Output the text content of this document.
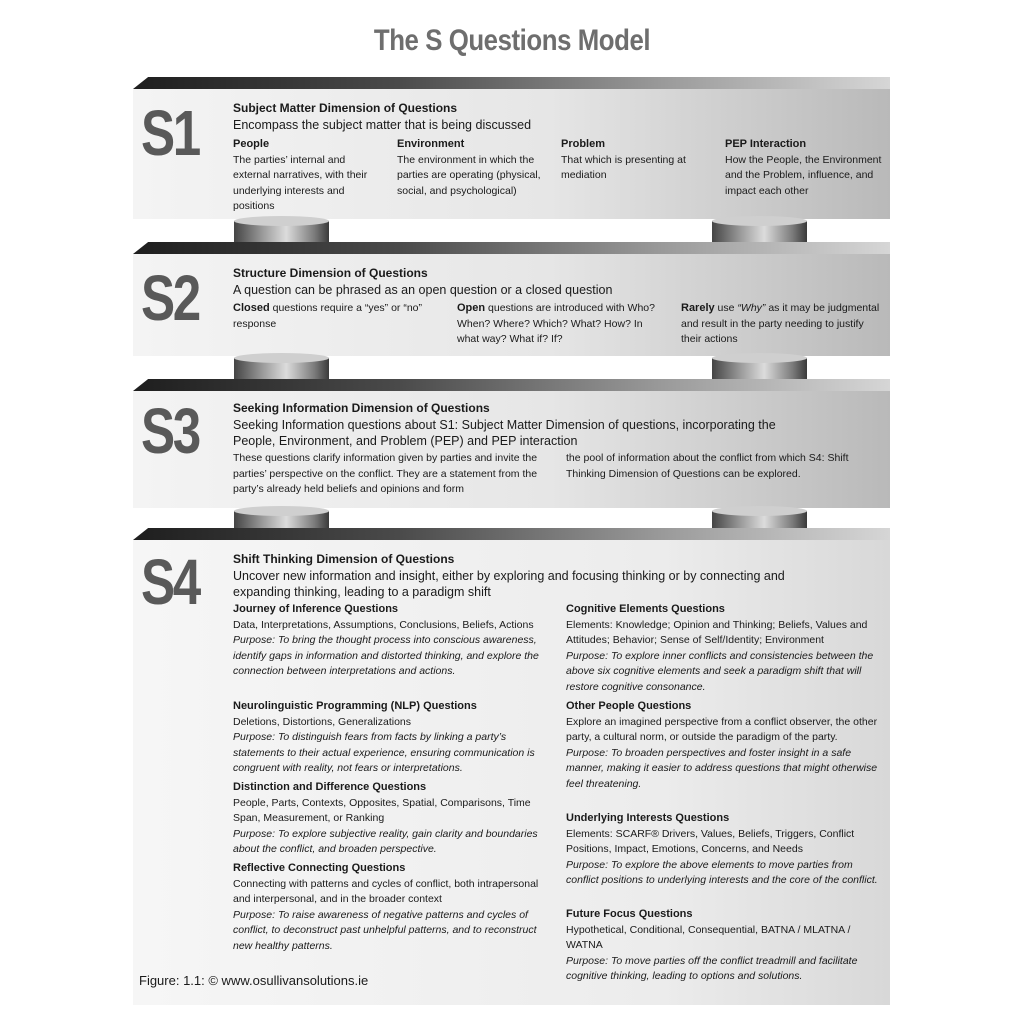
The S Questions Model
S1	Subject Matter Dimension of Questions
Encompass the subject matter that is being discussed
People
The parties’ internal and external narratives, with their underlying interests and positions
Environment
The environment in which the parties are operating (physical, social, and psychological)
Problem
That which is presenting at mediation
PEP Interaction
How the People, the Environment and the Problem, influence, and impact each other
S2	Structure Dimension of Questions
A question can be phrased as an open question or a closed question
Closed questions require a “yes” or “no” response
Open questions are introduced with Who? When? Where? Which? What? How? In what way? What if? If?
Rarely use “Why” as it may be judgmental and result in the party needing to justify their actions
S3	Seeking Information Dimension of Questions
Seeking Information questions about S1: Subject Matter Dimension of questions, incorporating the People, Environment, and Problem (PEP) and PEP interaction
These questions clarify information given by parties and invite the parties’ perspective on the conflict. They are a statement from the party’s already held beliefs and opinions and form
the pool of information about the conflict from which S4: Shift Thinking Dimension of Questions can be explored.
S4	Shift Thinking Dimension of Questions
Uncover new information and insight, either by exploring and focusing thinking or by connecting and expanding thinking, leading to a paradigm shift
Journey of Inference Questions
Data, Interpretations, Assumptions, Conclusions, Beliefs, Actions
Purpose: To bring the thought process into conscious awareness, identify gaps in information and distorted thinking, and explore the connection between interpretations and actions.
Neurolinguistic Programming (NLP) Questions
Deletions, Distortions, Generalizations
Purpose: To distinguish fears from facts by linking a party’s statements to their actual experience, ensuring communication is congruent with reality, not fears or interpretations.
Distinction and Difference Questions
People, Parts, Contexts, Opposites, Spatial, Comparisons, Time Span, Measurement, or Ranking
Purpose: To explore subjective reality, gain clarity and boundaries about the conflict, and broaden perspective.
Reflective Connecting Questions
Connecting with patterns and cycles of conflict, both intrapersonal and interpersonal, and in the broader context
Purpose: To raise awareness of negative patterns and cycles of conflict, to deconstruct past unhelpful patterns, and to reconstruct new healthy patterns.
Cognitive Elements Questions
Elements: Knowledge; Opinion and Thinking; Beliefs, Values and Attitudes; Behavior; Sense of Self/Identity; Environment
Purpose: To explore inner conflicts and consistencies between the above six cognitive elements and seek a paradigm shift that will restore cognitive consonance.
Other People Questions
Explore an imagined perspective from a conflict observer, the other party, a cultural norm, or outside the paradigm of the party.
Purpose: To broaden perspectives and foster insight in a safe manner, making it easier to address questions that might otherwise feel threatening.
Underlying Interests Questions
Elements: SCARF® Drivers, Values, Beliefs, Triggers, Conflict Positions, Impact, Emotions, Concerns, and Needs
Purpose: To explore the above elements to move parties from conflict positions to underlying interests and the core of the conflict.
Future Focus Questions
Hypothetical, Conditional, Consequential, BATNA / MLATNA / WATNA
Purpose: To move parties off the conflict treadmill and facilitate cognitive thinking, leading to options and solutions.
Figure: 1.1: © www.osullivansolutions.ie
